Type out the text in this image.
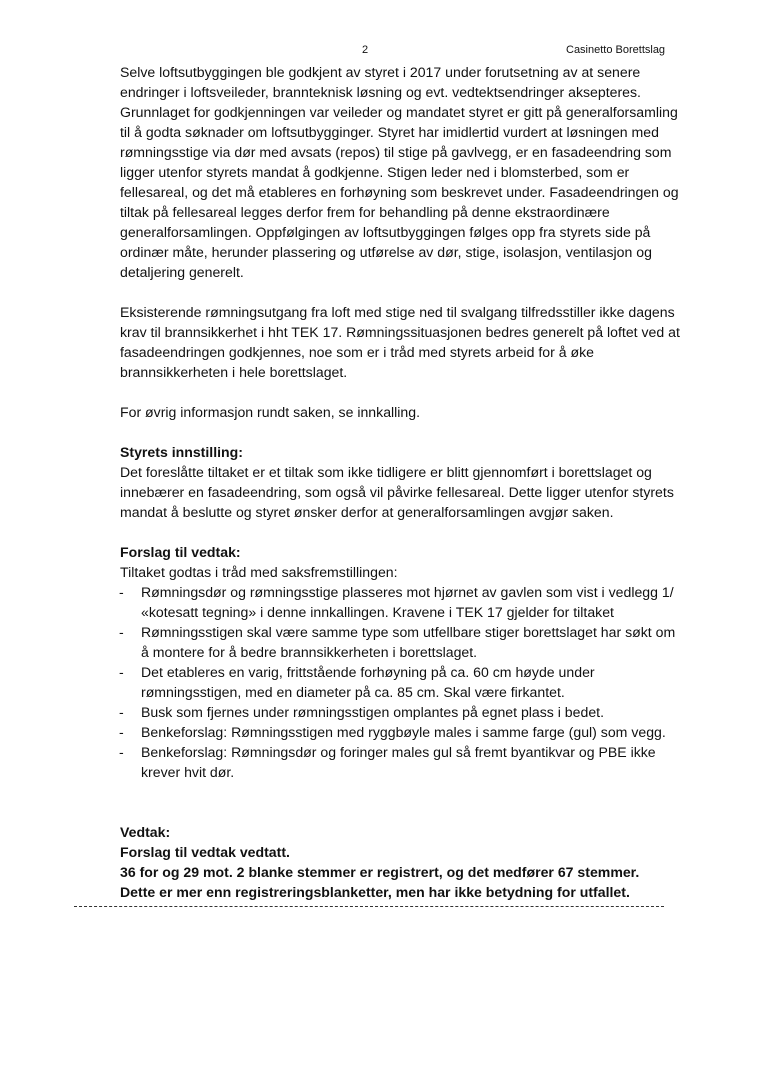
2	Casinetto Borettslag

Selve loftsutbyggingen ble godkjent av styret i 2017 under forutsetning av at senere endringer i loftsveileder, brannteknisk løsning og evt. vedtektsendringer aksepteres. Grunnlaget for godkjenningen var veileder og mandatet styret er gitt på generalforsamling til å godta søknader om loftsutbygginger. Styret har imidlertid vurdert at løsningen med rømningsstige via dør med avsats (repos) til stige på gavlvegg, er en fasadeendring som ligger utenfor styrets mandat å godkjenne. Stigen leder ned i blomsterbed, som er fellesareal, og det må etableres en forhøyning som beskrevet under. Fasadeendringen og tiltak på fellesareal legges derfor frem for behandling på denne ekstraordinære generalforsamlingen. Oppfølgingen av loftsutbyggingen følges opp fra styrets side på ordinær måte, herunder plassering og utførelse av dør, stige, isolasjon, ventilasjon og detaljering generelt.

Eksisterende rømningsutgang fra loft med stige ned til svalgang tilfredsstiller ikke dagens krav til brannsikkerhet i hht TEK 17. Rømningssituasjonen bedres generelt på loftet ved at fasadeendringen godkjennes, noe som er i tråd med styrets arbeid for å øke brannsikkerheten i hele borettslaget.

For øvrig informasjon rundt saken, se innkalling.

Styrets innstilling:

Det foreslåtte tiltaket er et tiltak som ikke tidligere er blitt gjennomført i borettslaget og innebærer en fasadeendring, som også vil påvirke fellesareal. Dette ligger utenfor styrets mandat å beslutte og styret ønsker derfor at generalforsamlingen avgjør saken.

Forslag til vedtak:

Tiltaket godtas i tråd med saksfremstillingen:

- Rømningsdør og rømningsstige plasseres mot hjørnet av gavlen som vist i vedlegg 1/ «kotesatt tegning» i denne innkallingen. Kravene i TEK 17 gjelder for tiltaket
- Rømningsstigen skal være samme type som utfellbare stiger borettslaget har søkt om å montere for å bedre brannsikkerheten i borettslaget.
- Det etableres en varig, frittstående forhøyning på ca. 60 cm høyde under rømningsstigen, med en diameter på ca. 85 cm. Skal være firkantet.
- Busk som fjernes under rømningsstigen omplantes på egnet plass i bedet.
- Benkeforslag: Rømningsstigen med ryggbøyle males i samme farge (gul) som vegg.
- Benkeforslag: Rømningsdør og foringer males gul så fremt byantikvar og PBE ikke krever hvit dør.

Vedtak:

Forslag til vedtak vedtatt.

36 for og 29 mot. 2 blanke stemmer er registrert, og det medfører 67 stemmer.

Dette er mer enn registreringsblanketter, men har ikke betydning for utfallet.
